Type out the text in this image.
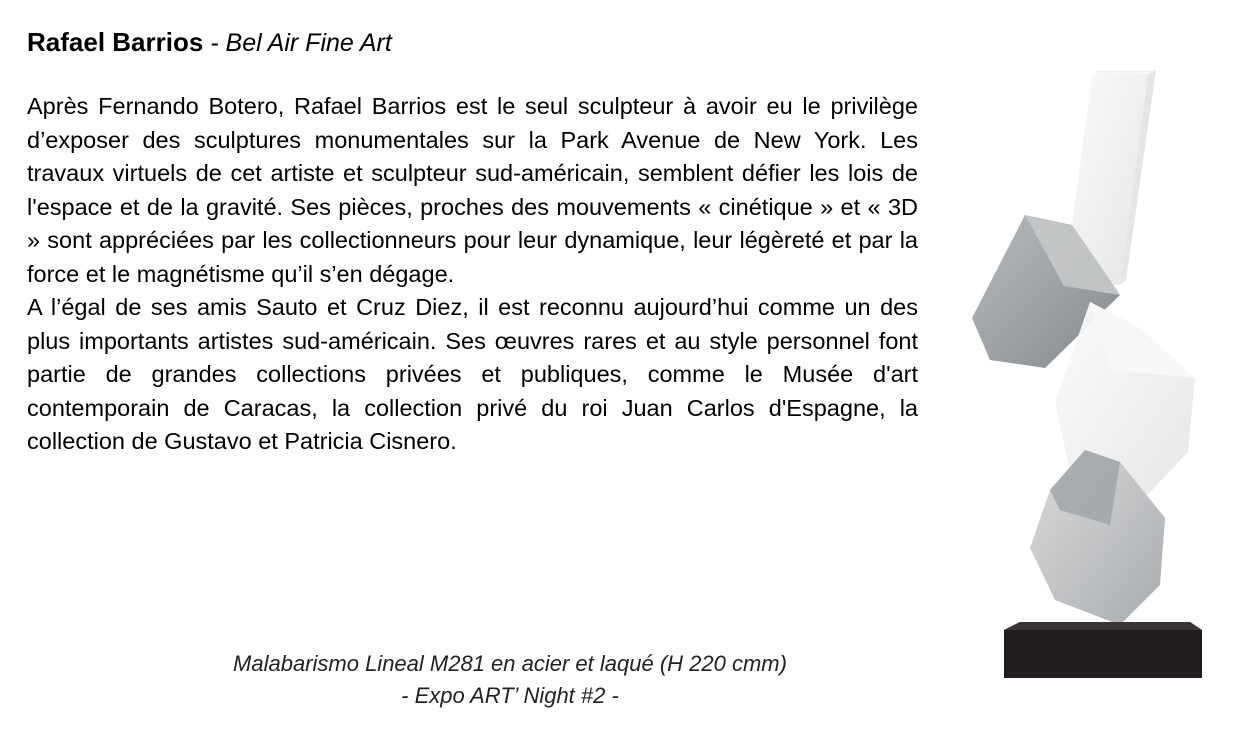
Rafael Barrios - Bel Air Fine Art

Après Fernando Botero, Rafael Barrios est le seul sculpteur à avoir eu le privilège d’exposer des sculptures monumentales sur la Park Avenue de New York. Les travaux virtuels de cet artiste et sculpteur sud-américain, semblent défier les lois de l'espace et de la gravité. Ses pièces, proches des mouvements « cinétique » et « 3D » sont appréciées par les collectionneurs pour leur dynamique, leur légèreté et par la force et le magnétisme qu’il s’en dégage.

A l’égal de ses amis Sauto et Cruz Diez, il est reconnu aujourd’hui comme un des plus importants artistes sud-américain. Ses œuvres rares et au style personnel font partie de grandes collections privées et publiques, comme le Musée d'art contemporain de Caracas, la collection privé du roi Juan Carlos d'Espagne, la collection de Gustavo et Patricia Cisnero.

Malabarismo Lineal M281 en acier et laqué (H 220 cmm)
- Expo ART’ Night #2 -
